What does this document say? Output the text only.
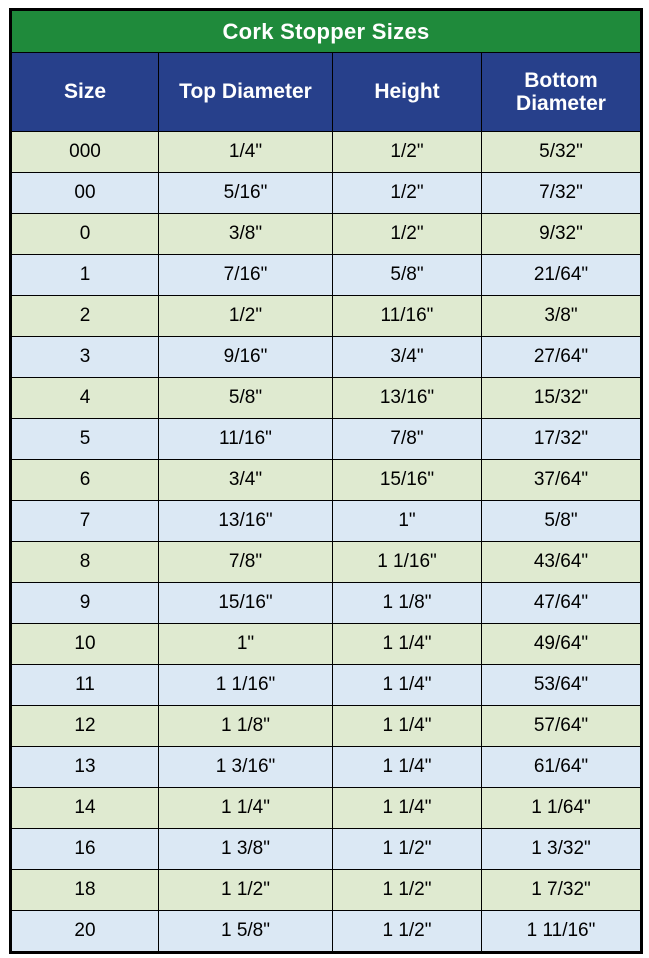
Cork Stopper Sizes			
Size	Top Diameter	Height	Bottom Diameter
000	1/4"	1/2"	5/32"
00	5/16"	1/2"	7/32"
0	3/8"	1/2"	9/32"
1	7/16"	5/8"	21/64"
2	1/2"	11/16"	3/8"
3	9/16"	3/4"	27/64"
4	5/8"	13/16"	15/32"
5	11/16"	7/8"	17/32"
6	3/4"	15/16"	37/64"
7	13/16"	1"	5/8"
8	7/8"	1 1/16"	43/64"
9	15/16"	1 1/8"	47/64"
10	1"	1 1/4"	49/64"
11	1 1/16"	1 1/4"	53/64"
12	1 1/8"	1 1/4"	57/64"
13	1 3/16"	1 1/4"	61/64"
14	1 1/4"	1 1/4"	1 1/64"
16	1 3/8"	1 1/2"	1 3/32"
18	1 1/2"	1 1/2"	1 7/32"
20	1 5/8"	1 1/2"	1 11/16"
